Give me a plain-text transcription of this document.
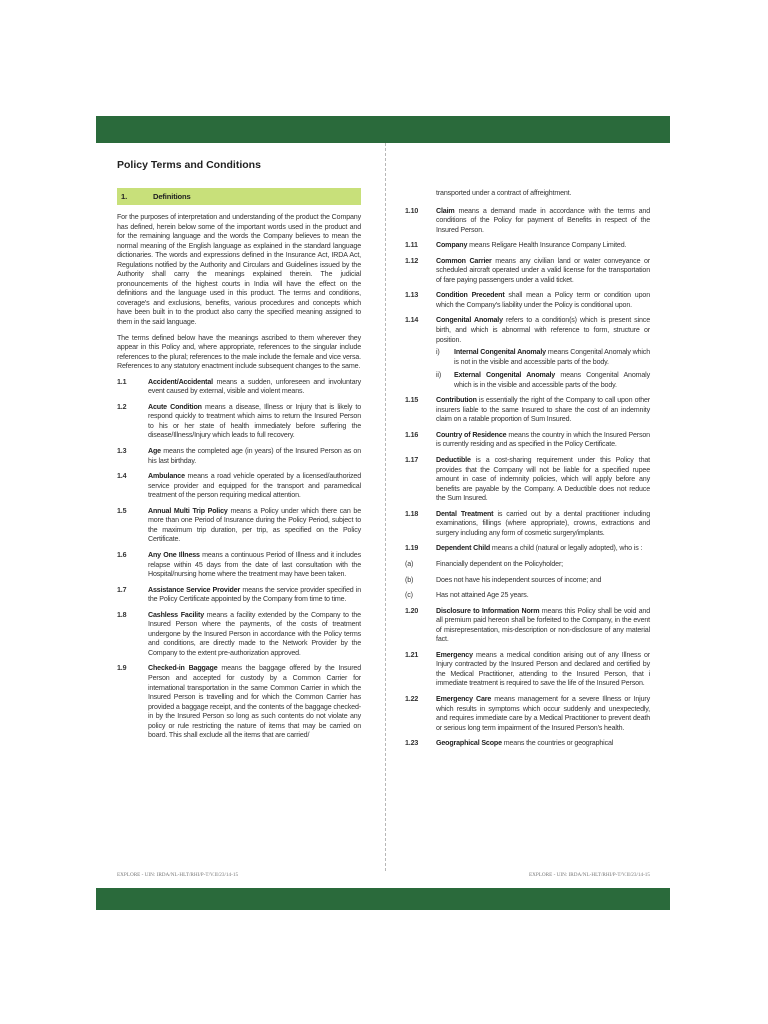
Policy Terms and Conditions
1.	Definitions

For the purposes of interpretation and understanding of the product the Company has defined, herein below some of the important words used in the product and for the remaining language and the words the Company believes to mean the normal meaning of the English language as explained in the standard language dictionaries. The words and expressions defined in the Insurance Act, IRDA Act, Regulations notified by the Authority and Circulars and Guidelines issued by the Authority shall carry the meanings explained therein. The judicial pronouncements of the highest courts in India will have the effect on the definitions and the language used in this product. The terms and conditions, coverage's and exclusions, benefits, various procedures and concepts which have been built in to the product also carry the specified meaning assigned to them in the said language.

The terms defined below have the meanings ascribed to them wherever they appear in this Policy and, where appropriate, references to the singular include references to the plural; references to the male include the female and vice versa. References to any statutory enactment include subsequent changes to the same.

1.1	Accident/Accidental means a sudden, unforeseen and involuntary event caused by external, visible and violent means.
1.2	Acute Condition means a disease, Illness or Injury that is likely to respond quickly to treatment which aims to return the Insured Person to his or her state of health immediately before suffering the disease/Illness/Injury which leads to full recovery.
1.3	Age means the completed age (in years) of the Insured Person as on his last birthday.
1.4	Ambulance means a road vehicle operated by a licensed/authorized service provider and equipped for the transport and paramedical treatment of the person requiring medical attention.
1.5	Annual Multi Trip Policy means a Policy under which there can be more than one Period of Insurance during the Policy Period, subject to the maximum trip duration, per trip, as specified on the Policy Certificate.
1.6	Any One Illness means a continuous Period of Illness and it includes relapse within 45 days from the date of last consultation with the Hospital/nursing home where the treatment may have been taken.
1.7	Assistance Service Provider means the service provider specified in the Policy Certificate appointed by the Company from time to time.
1.8	Cashless Facility means a facility extended by the Company to the Insured Person where the payments, of the costs of treatment undergone by the Insured Person in accordance with the Policy terms and conditions, are directly made to the Network Provider by the Company to the extent pre-authorization approved.
1.9	Checked-in Baggage means the baggage offered by the Insured Person and accepted for custody by a Common Carrier for international transportation in the same Common Carrier in which the Insured Person is travelling and for which the Common Carrier has provided a baggage receipt, and the contents of the baggage checked-in by the Insured Person so long as such contents do not violate any policy or rule restricting the nature of items that may be carried on board. This shall exclude all the items that are carried/

transported under a contract of affreightment.

1.10	Claim means a demand made in accordance with the terms and conditions of the Policy for payment of Benefits in respect of the Insured Person.
1.11	Company means Religare Health Insurance Company Limited.
1.12	Common Carrier means any civilian land or water conveyance or scheduled aircraft operated under a valid license for the transportation of fare paying passengers under a valid ticket.
1.13	Condition Precedent shall mean a Policy term or condition upon which the Company's liability under the Policy is conditional upon.
1.14	Congenital Anomaly refers to a condition(s) which is present since birth, and which is abnormal with reference to form, structure or position.
i)	Internal Congenital Anomaly means Congenital Anomaly which is not in the visible and accessible parts of the body.
ii)	External Congenital Anomaly means Congenital Anomaly which is in the visible and accessible parts of the body.
1.15	Contribution is essentially the right of the Company to call upon other insurers liable to the same Insured to share the cost of an indemnity claim on a ratable proportion of Sum Insured.
1.16	Country of Residence means the country in which the Insured Person is currently residing and as specified in the Policy Certificate.
1.17	Deductible is a cost-sharing requirement under this Policy that provides that the Company will not be liable for a specified rupee amount in case of indemnity policies, which will apply before any benefits are payable by the Company. A Deductible does not reduce the Sum Insured.
1.18	Dental Treatment is carried out by a dental practitioner including examinations, fillings (where appropriate), crowns, extractions and surgery including any form of cosmetic surgery/implants.
1.19	Dependent Child means a child (natural or legally adopted), who is :
(a)	Financially dependent on the Policyholder;
(b)	Does not have his independent sources of income; and
(c)	Has not attained Age 25 years.
1.20	Disclosure to Information Norm means this Policy shall be void and all premium paid hereon shall be forfeited to the Company, in the event of misrepresentation, mis-description or non-disclosure of any material fact.
1.21	Emergency means a medical condition arising out of any Illness or Injury contracted by the Insured Person and declared and certified by the Medical Practitioner, attending to the Insured Person, that i immediate treatment is required to save the life of the Insured Person.
1.22	Emergency Care means management for a severe Illness or Injury which results in symptoms which occur suddenly and unexpectedly, and requires immediate care by a Medical Practitioner to prevent death or serious long term impairment of the Insured Person's health.
1.23	Geographical Scope means the countries or geographical
EXPLORE - UIN: IRDA/NL-HLT/RHI/P-T/V.II/23/14-15	EXPLORE - UIN: IRDA/NL-HLT/RHI/P-T/V.II/23/14-15
